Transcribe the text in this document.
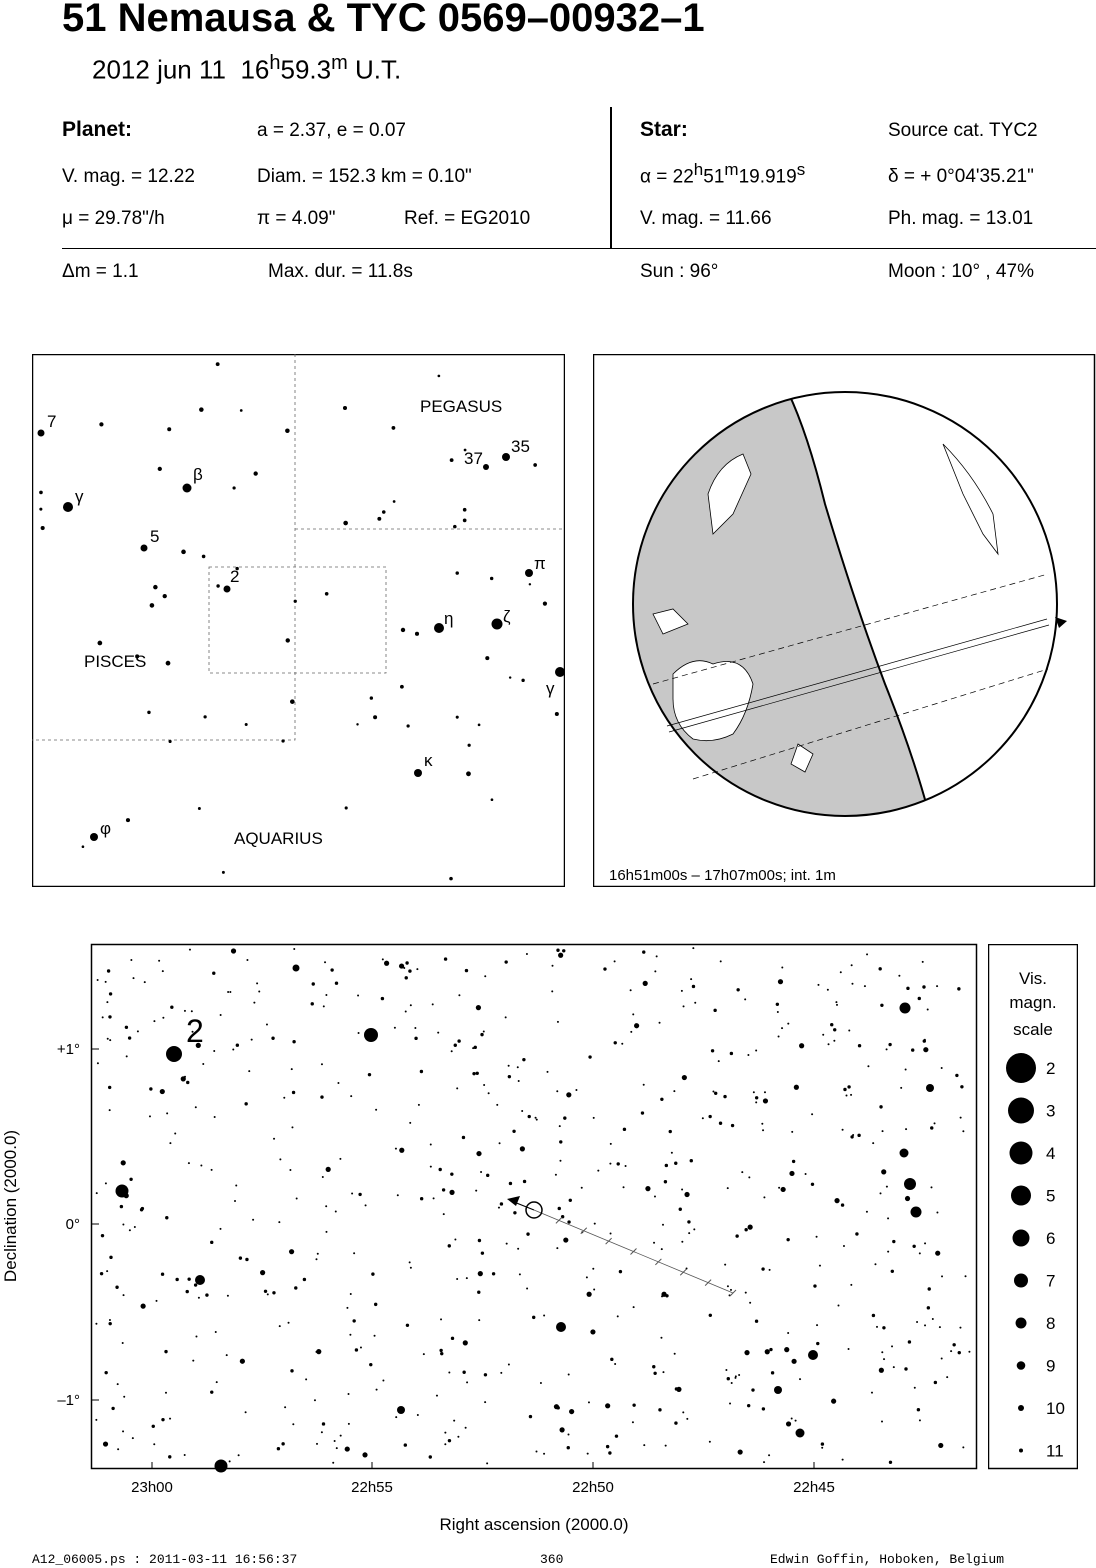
51 Nemausa & TYC 0569–00932–1
2012 jun 11 16$^h$59.3$^m$ U.T.
Planet:	a = 2.37, e = 0.07
V. mag. = 12.22	Diam. = 152.3 km = 0.10"
μ = 29.78"/h	π = 4.09"	Ref. = EG2010
Star:	Source cat. TYC2
$\alpha = 22^h51^m19.919^s$	δ = + 0°04'35.21"
V. mag. = 11.66	Ph. mag. = 13.01
Δm = 1.1	Max. dur. = 11.8s	Sun : 96°	Moon : 10° , 47%
PEGASUS
PISCES
AQUARIUS
7
γ
β
5
2
37
35
π
η	ζ
γ
κ
φ
16h51m00s – 17h07m00s; int. 1m
2
23h00	22h55	22h50	22h45
+1°
0°
–1°
Right ascension (2000.0)
Declination (2000.0)
Vis.
magn.
scale
2
3
4
5
6
7
8
9
10
11
A12_06005.ps : 2011-03-11 16:56:37	360	Edwin Goffin, Hoboken, Belgium
